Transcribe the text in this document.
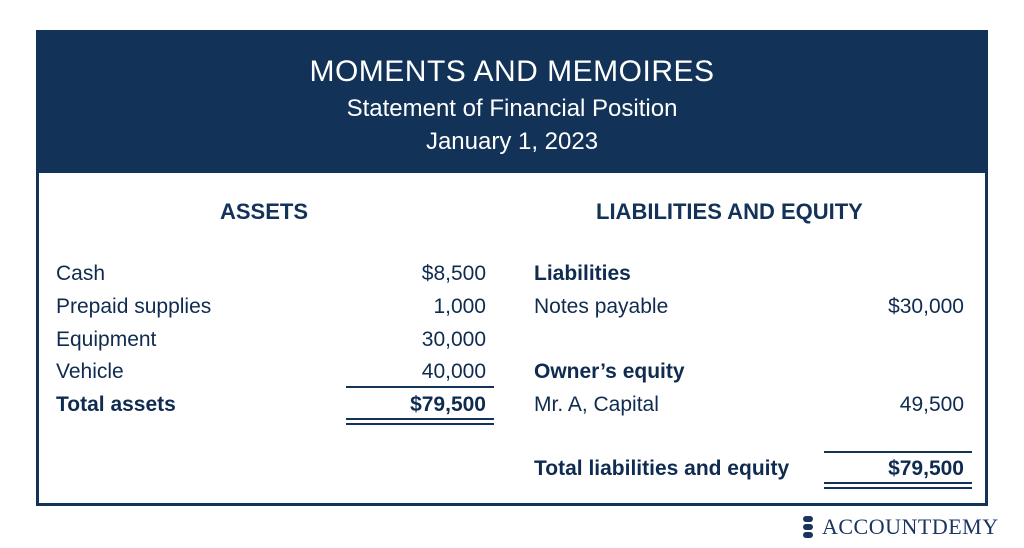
MOMENTS AND MEMOIRES
Statement of Financial Position
January 1, 2023
ASSETS	LIABILITIES AND EQUITY
Cash	$8,500
Prepaid supplies	1,000
Equipment	30,000
Vehicle	40,000
Total assets	$79,500
Liabilities
Notes payable	$30,000
Owner’s equity
Mr. A, Capital	49,500
Total liabilities and equity	$79,500
ACCOUNTDEMY
